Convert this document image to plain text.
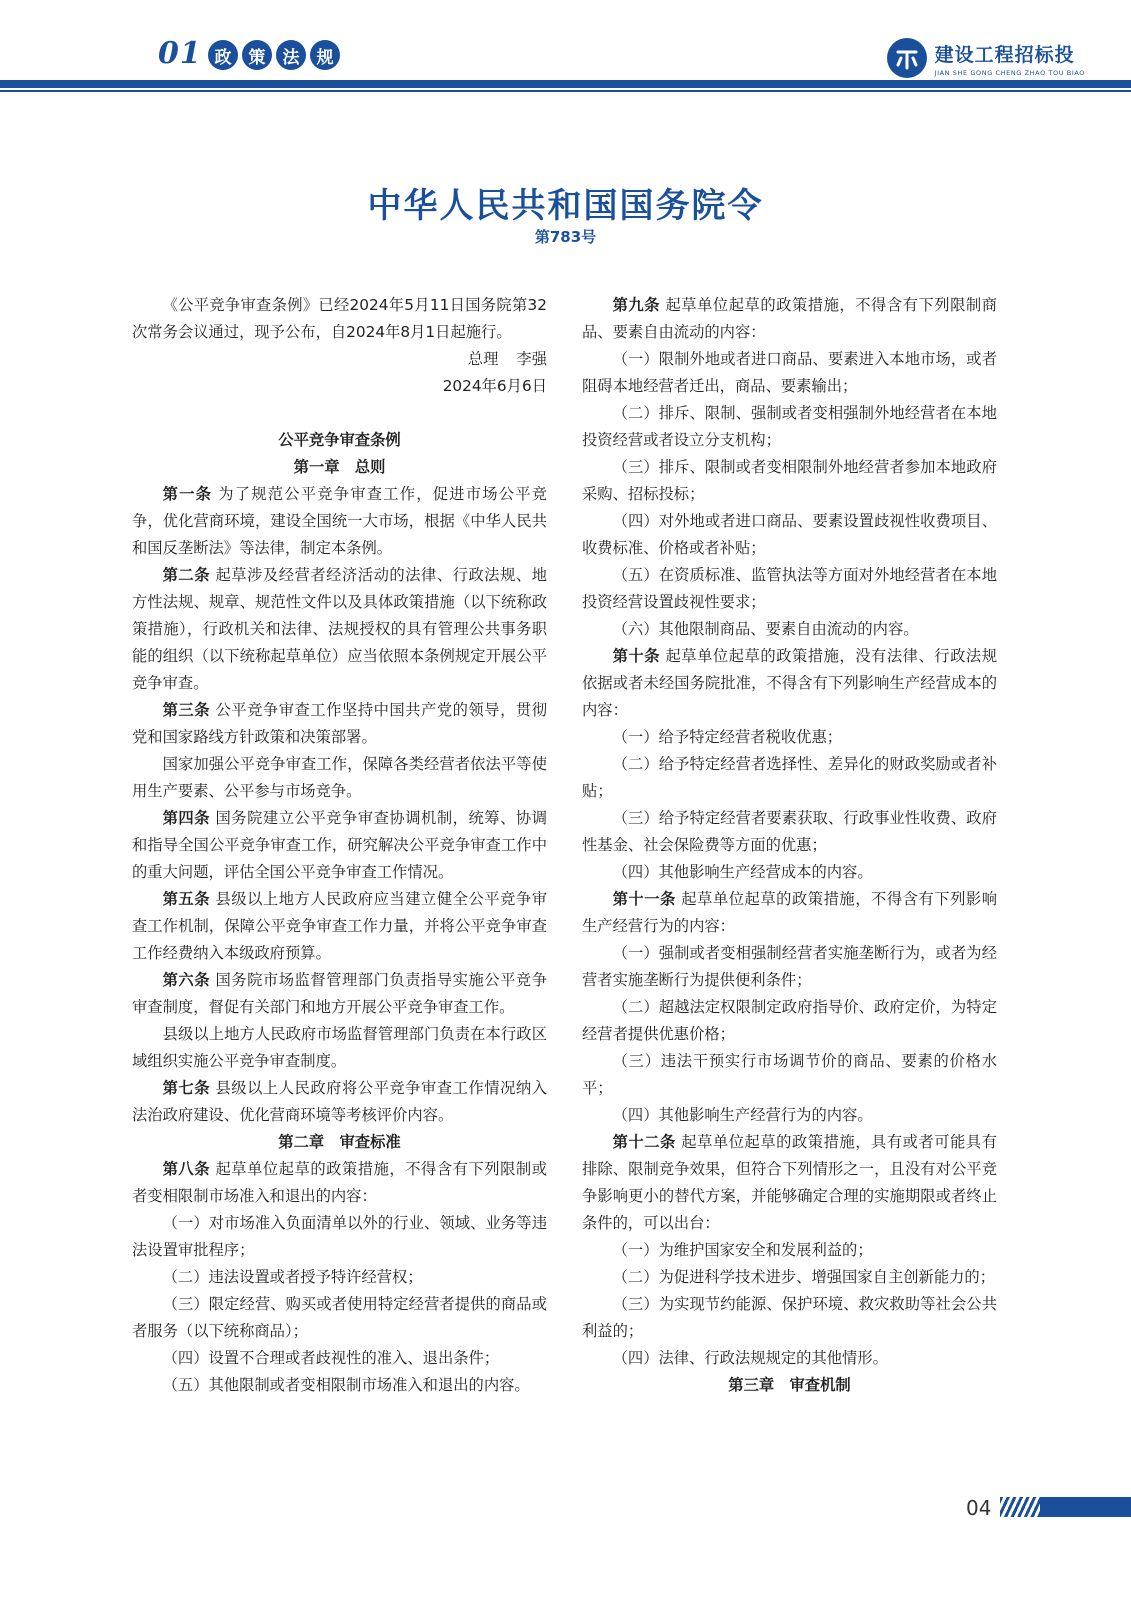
01 政	策	法	规	建设工程招标投
JIAN SHE GONG CHENG ZHAO TOU BIAO
中华人民共和国国务院令
第783号

《公平竞争审查条例》已经2024年5月11日国务院第32次常务会议通过，现予公布，自2024年8月1日起施行。

总理 李强

2024年6月6日

公平竞争审查条例

第一章　总则

第一条 为了规范公平竞争审查工作，促进市场公平竞争，优化营商环境，建设全国统一大市场，根据《中华人民共和国反垄断法》等法律，制定本条例。

第二条 起草涉及经营者经济活动的法律、行政法规、地方性法规、规章、规范性文件以及具体政策措施（以下统称政策措施），行政机关和法律、法规授权的具有管理公共事务职能的组织（以下统称起草单位）应当依照本条例规定开展公平竞争审查。

第三条 公平竞争审查工作坚持中国共产党的领导，贯彻党和国家路线方针政策和决策部署。

国家加强公平竞争审查工作，保障各类经营者依法平等使用生产要素、公平参与市场竞争。

第四条 国务院建立公平竞争审查协调机制，统筹、协调和指导全国公平竞争审查工作，研究解决公平竞争审查工作中的重大问题，评估全国公平竞争审查工作情况。

第五条 县级以上地方人民政府应当建立健全公平竞争审查工作机制，保障公平竞争审查工作力量，并将公平竞争审查工作经费纳入本级政府预算。

第六条 国务院市场监督管理部门负责指导实施公平竞争审查制度，督促有关部门和地方开展公平竞争审查工作。

县级以上地方人民政府市场监督管理部门负责在本行政区域组织实施公平竞争审查制度。

第七条 县级以上人民政府将公平竞争审查工作情况纳入法治政府建设、优化营商环境等考核评价内容。

第二章　审查标准

第八条 起草单位起草的政策措施，不得含有下列限制或者变相限制市场准入和退出的内容：

（一）对市场准入负面清单以外的行业、领域、业务等违法设置审批程序；

（二）违法设置或者授予特许经营权；

（三）限定经营、购买或者使用特定经营者提供的商品或者服务（以下统称商品）；

（四）设置不合理或者歧视性的准入、退出条件；

（五）其他限制或者变相限制市场准入和退出的内容。

第九条 起草单位起草的政策措施，不得含有下列限制商品、要素自由流动的内容：

（一）限制外地或者进口商品、要素进入本地市场，或者阻碍本地经营者迁出，商品、要素输出；

（二）排斥、限制、强制或者变相强制外地经营者在本地投资经营或者设立分支机构；

（三）排斥、限制或者变相限制外地经营者参加本地政府采购、招标投标；

（四）对外地或者进口商品、要素设置歧视性收费项目、收费标准、价格或者补贴；

（五）在资质标准、监管执法等方面对外地经营者在本地投资经营设置歧视性要求；

（六）其他限制商品、要素自由流动的内容。

第十条 起草单位起草的政策措施，没有法律、行政法规依据或者未经国务院批准，不得含有下列影响生产经营成本的内容：

（一）给予特定经营者税收优惠；

（二）给予特定经营者选择性、差异化的财政奖励或者补贴；

（三）给予特定经营者要素获取、行政事业性收费、政府性基金、社会保险费等方面的优惠；

（四）其他影响生产经营成本的内容。

第十一条 起草单位起草的政策措施，不得含有下列影响生产经营行为的内容：

（一）强制或者变相强制经营者实施垄断行为，或者为经营者实施垄断行为提供便利条件；

（二）超越法定权限制定政府指导价、政府定价，为特定经营者提供优惠价格；

（三）违法干预实行市场调节价的商品、要素的价格水平；

（四）其他影响生产经营行为的内容。

第十二条 起草单位起草的政策措施，具有或者可能具有排除、限制竞争效果，但符合下列情形之一，且没有对公平竞争影响更小的替代方案，并能够确定合理的实施期限或者终止条件的，可以出台：

（一）为维护国家安全和发展利益的；

（二）为促进科学技术进步、增强国家自主创新能力的；

（三）为实现节约能源、保护环境、救灾救助等社会公共利益的；

（四）法律、行政法规规定的其他情形。

第三章　审查机制

04
